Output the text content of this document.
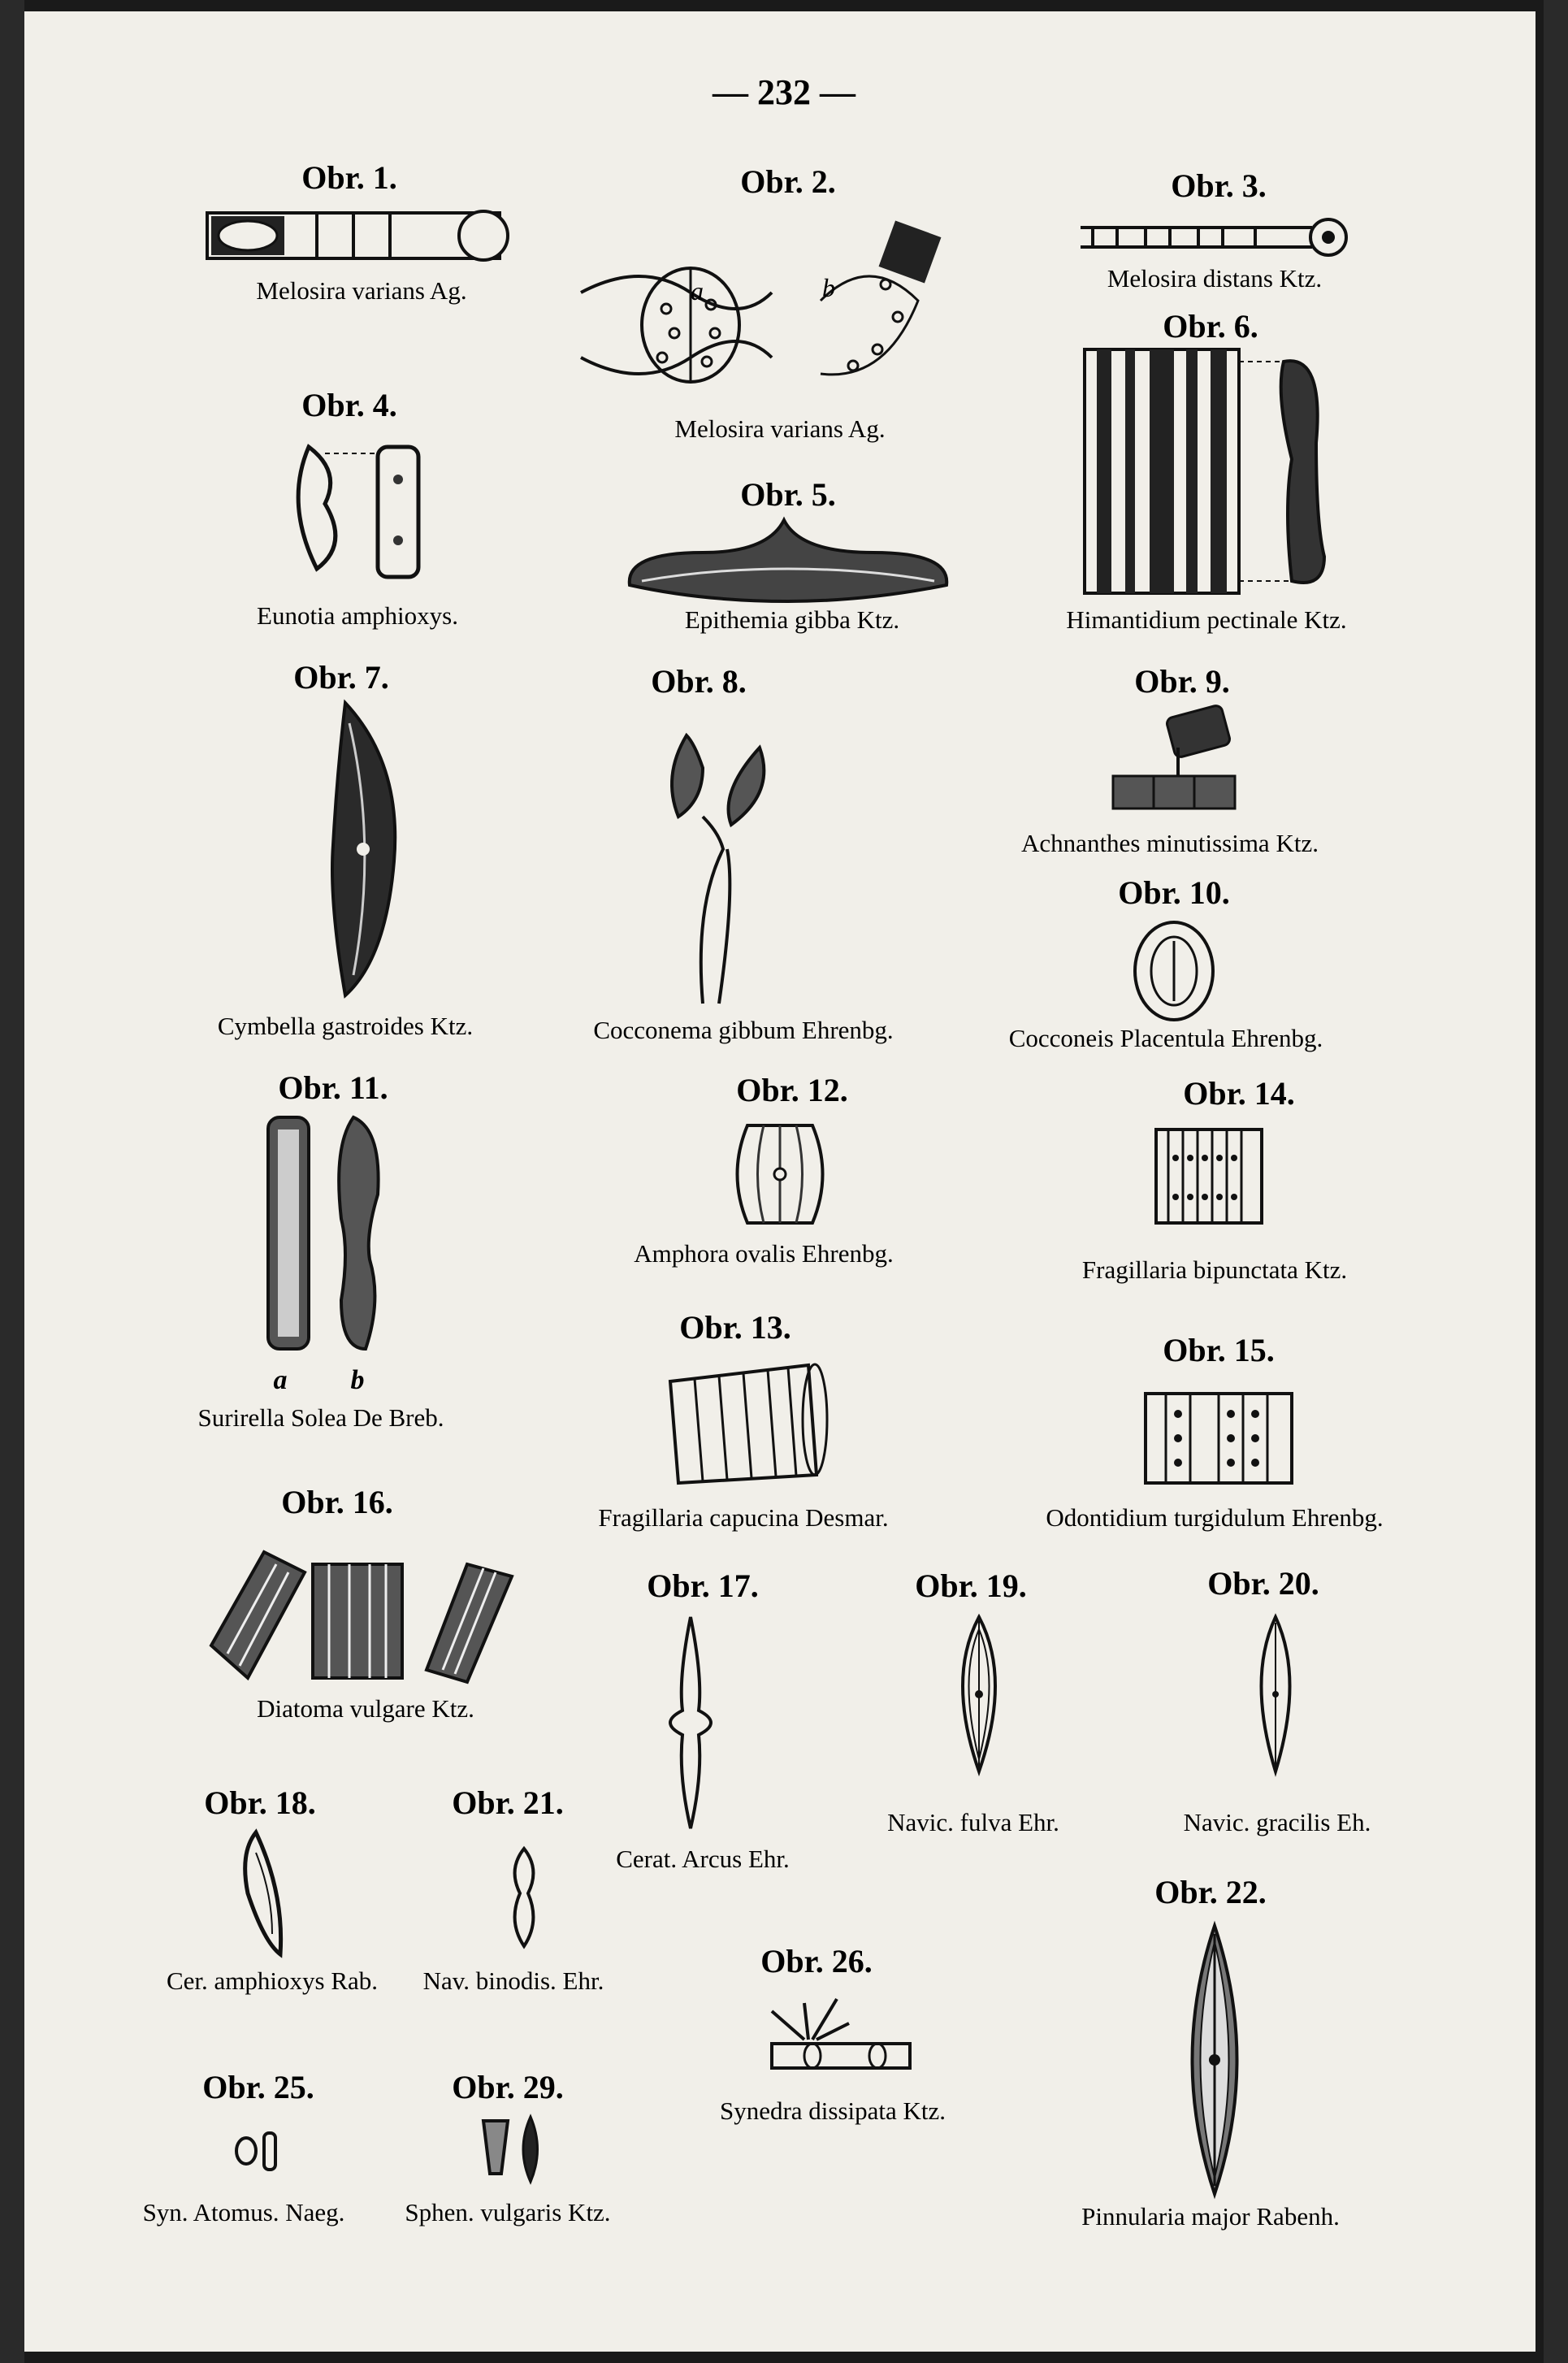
— 232 —
Obr. 1.
Melosira varians Ag.
Obr. 2.
a	b
Melosira varians Ag.
Obr. 3.
Melosira distans Ktz.
Obr. 4.
Eunotia amphioxys.
Obr. 5.
Epithemia gibba Ktz.
Obr. 6.
Himantidium pectinale Ktz.
Obr. 7.
Cymbella gastroides Ktz.
Obr. 8.
Cocconema gibbum Ehrenbg.
Obr. 9.
Achnanthes minutissima Ktz.
Obr. 10.
Cocconeis Placentula Ehrenbg.
Obr. 11.
a b
Surirella Solea De Breb.
Obr. 12.
Amphora ovalis Ehrenbg.
Obr. 13.
Fragillaria capucina Desmar.
Obr. 14.
Fragillaria bipunctata Ktz.
Obr. 15.
Odontidium turgidulum Ehrenbg.
Obr. 16.
Diatoma vulgare Ktz.
Obr. 17.
Cerat. Arcus Ehr.
Obr. 18.
Cer. amphioxys Rab.
Obr. 19.
Navic. fulva Ehr.
Obr. 20.
Navic. gracilis Eh.
Obr. 21.
Nav. binodis. Ehr.
Obr. 22.
Pinnularia major Rabenh.
Obr. 25.
Syn. Atomus. Naeg.
Obr. 26.
Synedra dissipata Ktz.
Obr. 29.
Sphen. vulgaris Ktz.
